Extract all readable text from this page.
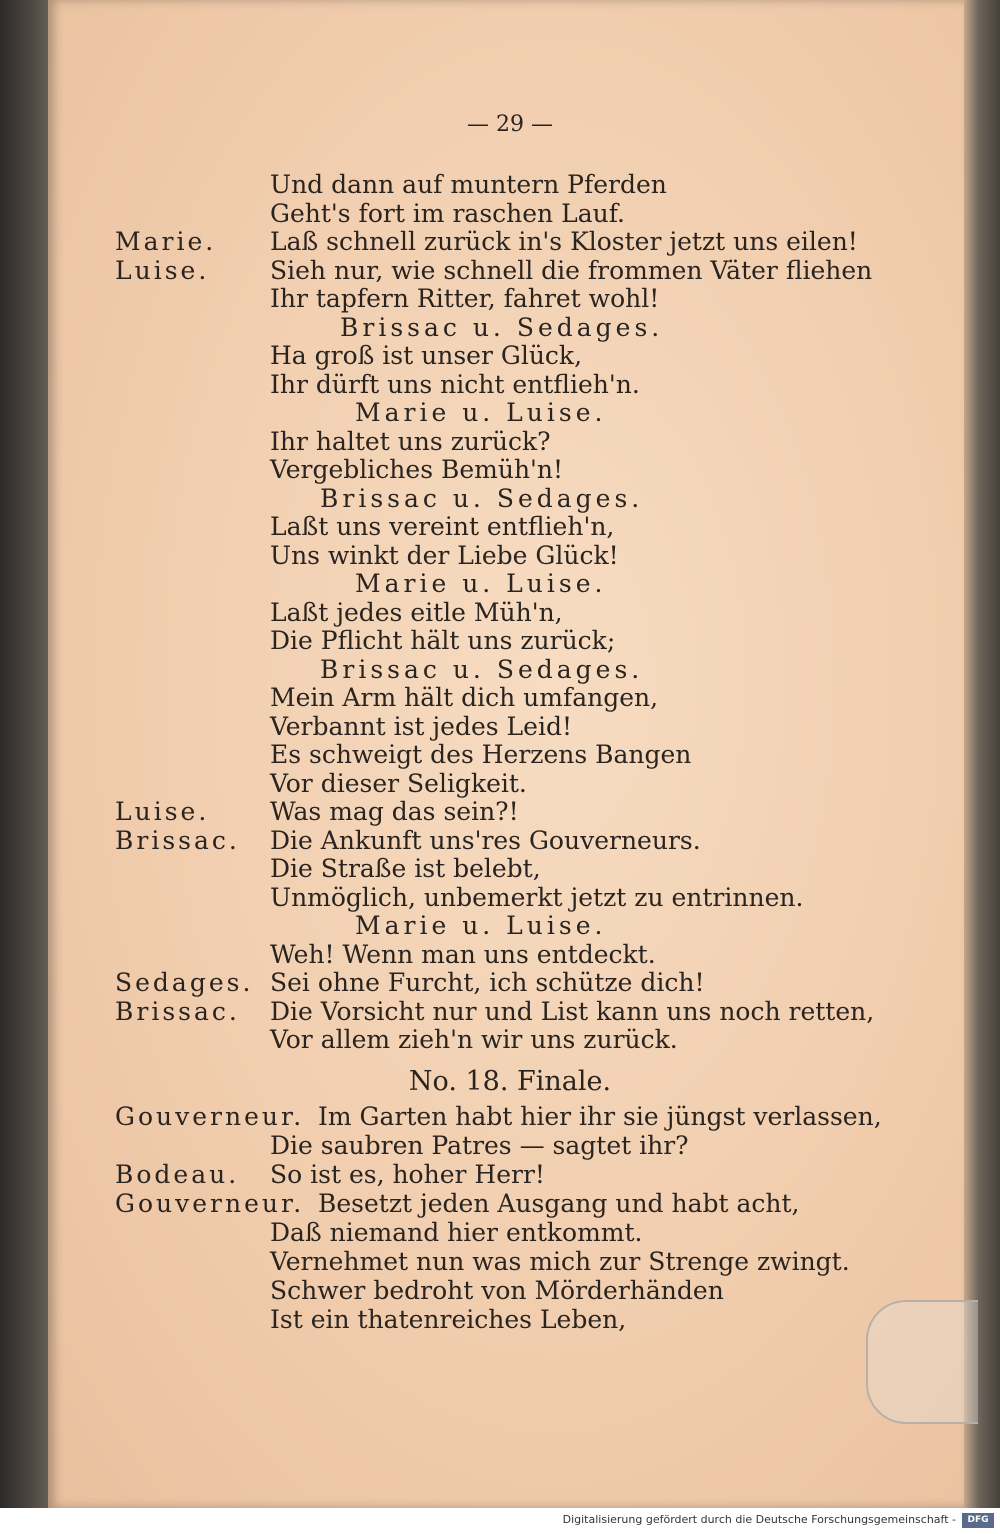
— 29 —
Und dann auf muntern Pferden
Geht's fort im raschen Lauf.
Marie. Laß schnell zurück in's Kloster jetzt uns eilen!
Luise. Sieh nur, wie schnell die frommen Väter fliehen
Ihr tapfern Ritter, fahret wohl!
Brissac u. Sedages.
Ha groß ist unser Glück,
Ihr dürft uns nicht entflieh'n.
Marie u. Luise.
Ihr haltet uns zurück?
Vergebliches Bemüh'n!
Brissac u. Sedages.
Laßt uns vereint entflieh'n,
Uns winkt der Liebe Glück!
Marie u. Luise.
Laßt jedes eitle Müh'n,
Die Pflicht hält uns zurück;
Brissac u. Sedages.
Mein Arm hält dich umfangen,
Verbannt ist jedes Leid!
Es schweigt des Herzens Bangen
Vor dieser Seligkeit.
Luise. Was mag das sein?!
Brissac. Die Ankunft uns'res Gouverneurs.
Die Straße ist belebt,
Unmöglich, unbemerkt jetzt zu entrinnen.
Marie u. Luise.
Weh! Wenn man uns entdeckt.
Sedages. Sei ohne Furcht, ich schütze dich!
Brissac. Die Vorsicht nur und List kann uns noch retten,
Vor allem zieh'n wir uns zurück.
No. 18. Finale.
Gouverneur. Im Garten habt hier ihr sie jüngst verlassen,
Die saubren Patres — sagtet ihr?
Bodeau. So ist es, hoher Herr!
Gouverneur. Besetzt jeden Ausgang und habt acht,
Daß niemand hier entkommt.
Vernehmet nun was mich zur Strenge zwingt.
Schwer bedroht von Mörderhänden
Ist ein thatenreiches Leben,
Digitalisierung gefördert durch die Deutsche Forschungsgemeinschaft -	DFG
